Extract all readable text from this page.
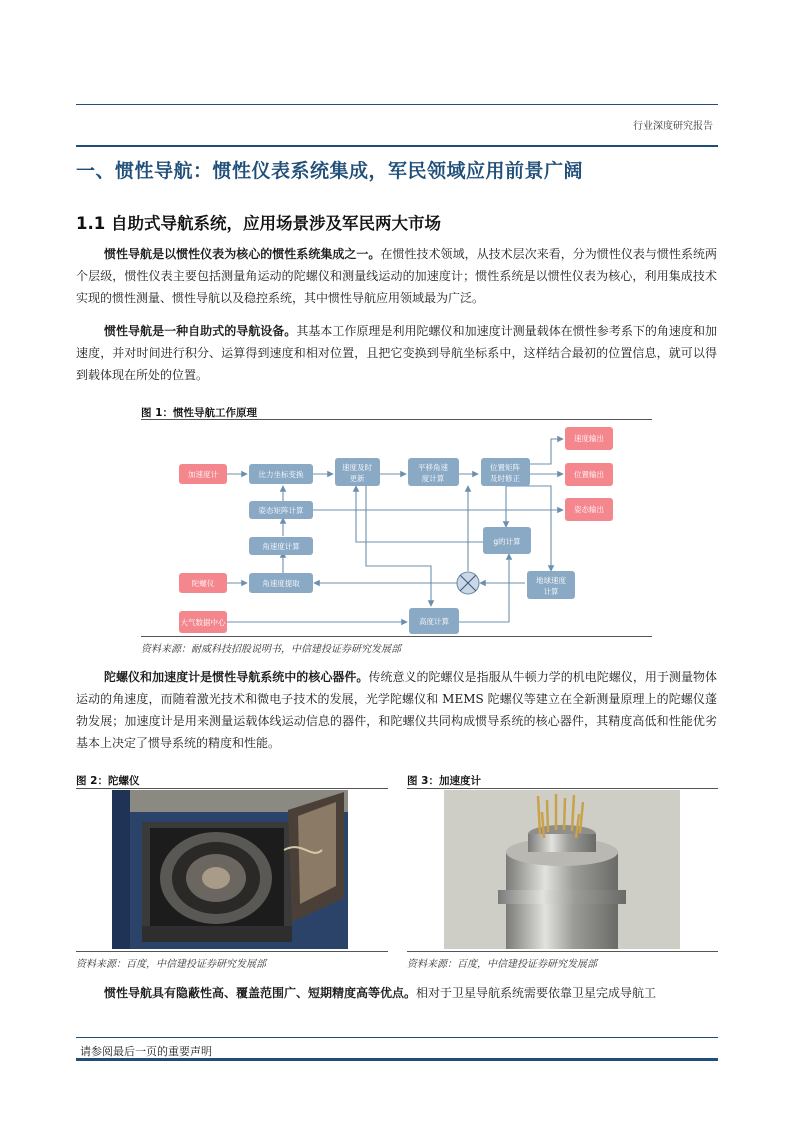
行业深度研究报告
一、惯性导航：惯性仪表系统集成，军民领域应用前景广阔
1.1 自助式导航系统，应用场景涉及军民两大市场

惯性导航是以惯性仪表为核心的惯性系统集成之一。在惯性技术领域，从技术层次来看，分为惯性仪表与惯性系统两个层级，惯性仪表主要包括测量角运动的陀螺仪和测量线运动的加速度计；惯性系统是以惯性仪表为核心，利用集成技术实现的惯性测量、惯性导航以及稳控系统，其中惯性导航应用领域最为广泛。

惯性导航是一种自助式的导航设备。其基本工作原理是利用陀螺仪和加速度计测量载体在惯性参考系下的角速度和加速度，并对时间进行积分、运算得到速度和相对位置，且把它变换到导航坐标系中，这样结合最初的位置信息，就可以得到载体现在所处的位置。

图 1：惯性导航工作原理
加速度计
陀螺仪
大气数据中心
比力坐标变换
姿态矩阵计算
角速度计算
角速度提取
速度及时
更新
平移角速
度计算
位置矩阵
及时修正
g的计算
地球速度
计算
高度计算
速度输出
位置输出
姿态输出
资料来源：耐威科技招股说明书，中信建投证券研究发展部

陀螺仪和加速度计是惯性导航系统中的核心器件。传统意义的陀螺仪是指服从牛顿力学的机电陀螺仪，用于测量物体运动的角速度，而随着激光技术和微电子技术的发展，光学陀螺仪和 MEMS 陀螺仪等建立在全新测量原理上的陀螺仪蓬勃发展；加速度计是用来测量运载体线运动信息的器件，和陀螺仪共同构成惯导系统的核心器件，其精度高低和性能优劣基本上决定了惯导系统的精度和性能。

图 2：陀螺仪
资料来源：百度，中信建投证券研究发展部
图 3：加速度计
资料来源：百度，中信建投证券研究发展部

惯性导航具有隐蔽性高、覆盖范围广、短期精度高等优点。相对于卫星导航系统需要依靠卫星完成导航工

请参阅最后一页的重要声明
